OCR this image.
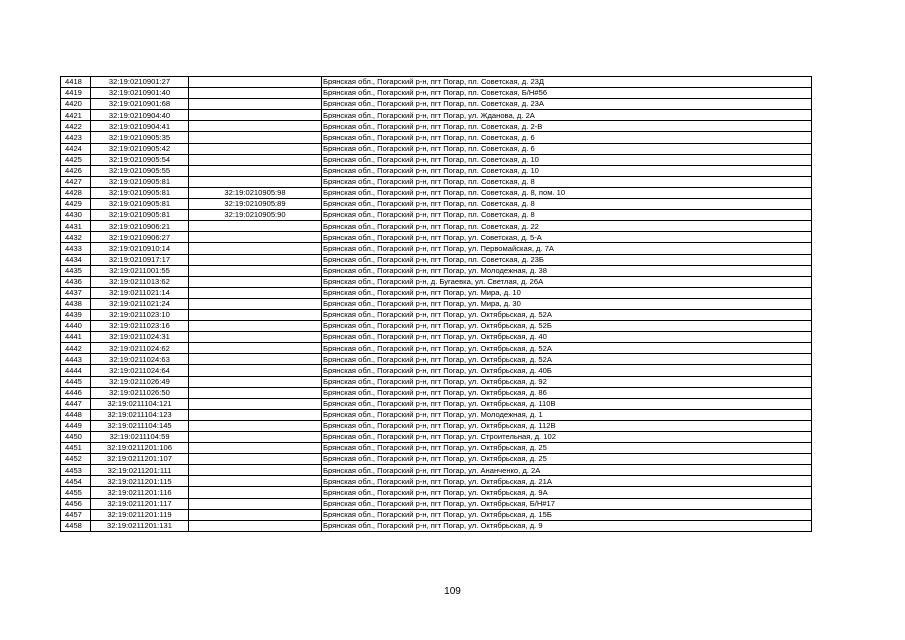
4418	32:19:0210901:27		Брянская обл., Погарский р-н, пгт Погар, пл. Советская, д. 23Д
4419	32:19:0210901:40		Брянская обл., Погарский р-н, пгт Погар, пл. Советская, Б/Н#56
4420	32:19:0210901:68		Брянская обл., Погарский р-н, пгт Погар, пл. Советская, д. 23А
4421	32:19:0210904:40		Брянская обл., Погарский р-н, пгт Погар, ул. Жданова, д. 2А
4422	32:19:0210904:41		Брянская обл., Погарский р-н, пгт Погар, пл. Советская, д. 2-В
4423	32:19:0210905:35		Брянская обл., Погарский р-н, пгт Погар, пл. Советская, д. 6
4424	32:19:0210905:42		Брянская обл., Погарский р-н, пгт Погар, пл. Советская, д. 6
4425	32:19:0210905:54		Брянская обл., Погарский р-н, пгт Погар, пл. Советская, д. 10
4426	32:19:0210905:55		Брянская обл., Погарский р-н, пгт Погар, пл. Советская, д. 10
4427	32:19:0210905:81		Брянская обл., Погарский р-н, пгт Погар, пл. Советская, д. 8
4428	32:19:0210905:81	32:19:0210905:98	Брянская обл., Погарский р-н, пгт Погар, пл. Советская, д. 8, пом. 10
4429	32:19:0210905:81	32:19:0210905:89	Брянская обл., Погарский р-н, пгт Погар, пл. Советская, д. 8
4430	32:19:0210905:81	32:19:0210905:90	Брянская обл., Погарский р-н, пгт Погар, пл. Советская, д. 8
4431	32:19:0210906:21		Брянская обл., Погарский р-н, пгт Погар, пл. Советская, д. 22
4432	32:19:0210906:27		Брянская обл., Погарский р-н, пгт Погар, ул. Советская, д. 5-А
4433	32:19:0210910:14		Брянская обл., Погарский р-н, пгт Погар, ул. Первомайская, д. 7А
4434	32:19:0210917:17		Брянская обл., Погарский р-н, пгт Погар, пл. Советская, д. 23Б
4435	32:19:0211001:55		Брянская обл., Погарский р-н, пгт Погар, ул. Молодежная, д. 38
4436	32:19:0211013:62		Брянская обл., Погарский р-н, д. Бугаевка, ул. Светлая, д. 26А
4437	32:19:0211021:14		Брянская обл., Погарский р-н, пгт Погар, ул. Мира, д. 10
4438	32:19:0211021:24		Брянская обл., Погарский р-н, пгт Погар, ул. Мира, д. 30
4439	32:19:0211023:10		Брянская обл., Погарский р-н, пгт Погар, ул. Октябрьская, д. 52А
4440	32:19:0211023:16		Брянская обл., Погарский р-н, пгт Погар, ул. Октябрьская, д. 52Б
4441	32:19:0211024:31		Брянская обл., Погарский р-н, пгт Погар, ул. Октябрьская, д. 40
4442	32:19:0211024:62		Брянская обл., Погарский р-н, пгт Погар, ул. Октябрьская, д. 52А
4443	32:19:0211024:63		Брянская обл., Погарский р-н, пгт Погар, ул. Октябрьская, д. 52А
4444	32:19:0211024:64		Брянская обл., Погарский р-н, пгт Погар, ул. Октябрьская, д. 40Б
4445	32:19:0211026:49		Брянская обл., Погарский р-н, пгт Погар, ул. Октябрьская, д. 92
4446	32:19:0211026:50		Брянская обл., Погарский р-н, пгт Погар, ул. Октябрьская, д. 86
4447	32:19:0211104:121		Брянская обл., Погарский р-н, пгт Погар, ул. Октябрьская, д. 110В
4448	32:19:0211104:123		Брянская обл., Погарский р-н, пгт Погар, ул. Молодежная, д. 1
4449	32:19:0211104:145		Брянская обл., Погарский р-н, пгт Погар, ул. Октябрьская, д. 112В
4450	32:19:0211104:59		Брянская обл., Погарский р-н, пгт Погар, ул. Строительная, д. 102
4451	32:19:0211201:106		Брянская обл., Погарский р-н, пгт Погар, ул. Октябрьская, д. 25
4452	32:19:0211201:107		Брянская обл., Погарский р-н, пгт Погар, ул. Октябрьская, д. 25
4453	32:19:0211201:111		Брянская обл., Погарский р-н, пгт Погар, ул. Ананченко, д. 2А
4454	32:19:0211201:115		Брянская обл., Погарский р-н, пгт Погар, ул. Октябрьская, д. 21А
4455	32:19:0211201:116		Брянская обл., Погарский р-н, пгт Погар, ул. Октябрьская, д. 9А
4456	32:19:0211201:117		Брянская обл., Погарский р-н, пгт Погар, ул. Октябрьская, Б/Н#17
4457	32:19:0211201:119		Брянская обл., Погарский р-н, пгт Погар, ул. Октябрьская, д. 15Б
4458	32:19:0211201:131		Брянская обл., Погарский р-н, пгт Погар, ул. Октябрьская, д. 9
109
